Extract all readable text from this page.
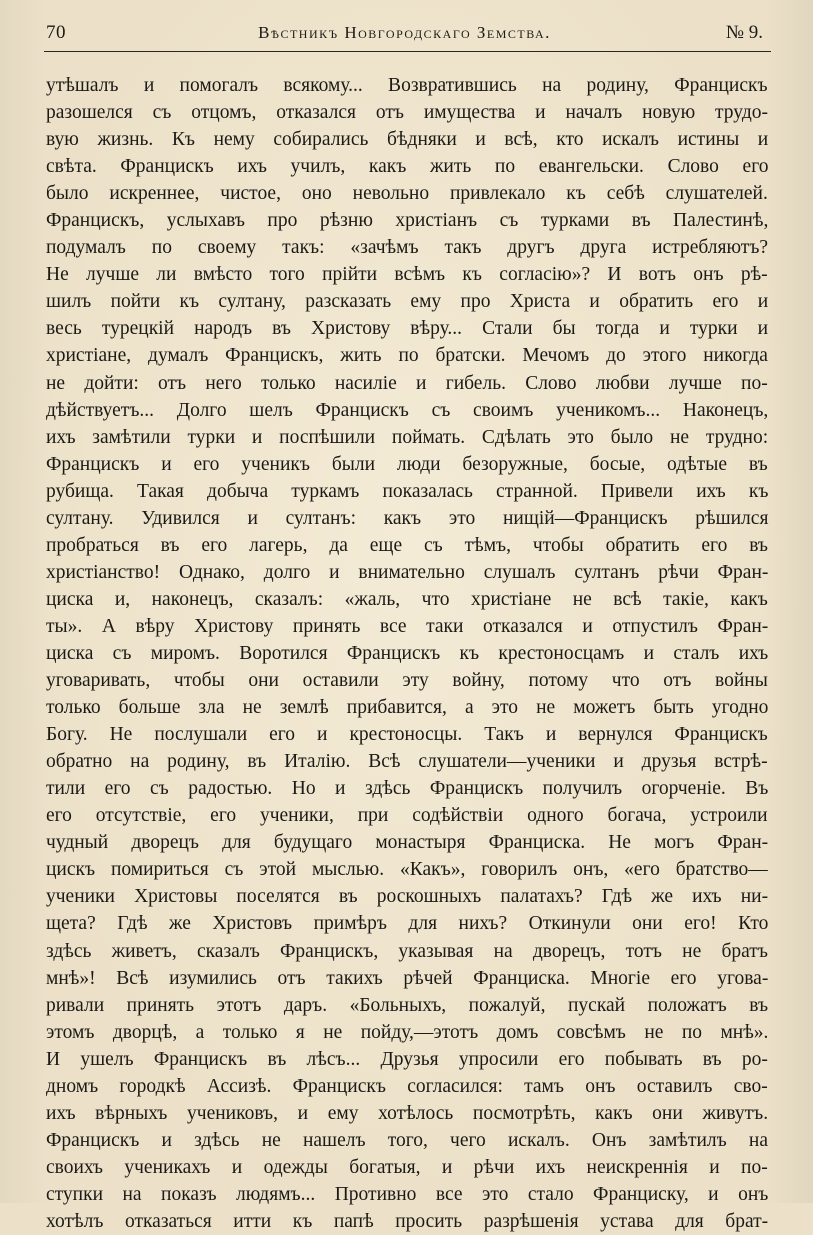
70	Вѣстникъ Новгородскаго Земства.	№ 9.
утѣшалъ и помогалъ всякому... Возвратившись на родину, Францискъ
разошелся съ отцомъ, отказался отъ имущества и началъ новую трудо-
вую жизнь. Къ нему собирались бѣдняки и всѣ, кто искалъ истины и
свѣта. Францискъ ихъ училъ, какъ жить по евангельски. Слово его
было искреннее, чистое, оно невольно привлекало къ себѣ слушателей.
Францискъ, услыхавъ про рѣзню христіанъ съ турками въ Палестинѣ,
подумалъ по своему такъ: «зачѣмъ такъ другъ друга истребляютъ?
Не лучше ли вмѣсто того прійти всѣмъ къ согласію»? И вотъ онъ рѣ-
шилъ пойти къ султану, разсказать ему про Христа и обратить его и
весь турецкій народъ въ Христову вѣру... Стали бы тогда и турки и
христіане, думалъ Францискъ, жить по братски. Мечомъ до этого никогда
не дойти: отъ него только насиліе и гибель. Слово любви лучше по-
дѣйствуетъ... Долго шелъ Францискъ съ своимъ ученикомъ... Наконецъ,
ихъ замѣтили турки и поспѣшили поймать. Сдѣлать это было не трудно:
Францискъ и его ученикъ были люди безоружные, босые, одѣтые въ
рубища. Такая добыча туркамъ показалась странной. Привели ихъ къ
султану. Удивился и султанъ: какъ это нищій—Францискъ рѣшился
пробраться въ его лагерь, да еще съ тѣмъ, чтобы обратить его въ
христіанство! Однако, долго и внимательно слушалъ султанъ рѣчи Фран-
циска и, наконецъ, сказалъ: «жаль, что христіане не всѣ такіе, какъ
ты». А вѣру Христову принять все таки отказался и отпустилъ Фран-
циска съ миромъ. Воротился Францискъ къ крестоносцамъ и сталъ ихъ
уговаривать, чтобы они оставили эту войну, потому что отъ войны
только больше зла не землѣ прибавится, а это не можетъ быть угодно
Богу. Не послушали его и крестоносцы. Такъ и вернулся Францискъ
обратно на родину, въ Италію. Всѣ слушатели—ученики и друзья встрѣ-
тили его съ радостью. Но и здѣсь Францискъ получилъ огорченіе. Въ
его отсутствіе, его ученики, при содѣйствіи одного богача, устроили
чудный дворецъ для будущаго монастыря Франциска. Не могъ Фран-
цискъ помириться съ этой мыслью. «Какъ», говорилъ онъ, «его братство—
ученики Христовы поселятся въ роскошныхъ палатахъ? Гдѣ же ихъ ни-
щета? Гдѣ же Христовъ примѣръ для нихъ? Откинули они его! Кто
здѣсь живетъ, сказалъ Францискъ, указывая на дворецъ, тотъ не братъ
мнѣ»! Всѣ изумились отъ такихъ рѣчей Франциска. Многіе его угова-
ривали принять этотъ даръ. «Больныхъ, пожалуй, пускай положатъ въ
этомъ дворцѣ, а только я не пойду,—этотъ домъ совсѣмъ не по мнѣ».
И ушелъ Францискъ въ лѣсъ... Друзья упросили его побывать въ ро-
дномъ городкѣ Ассизѣ. Францискъ согласился: тамъ онъ оставилъ сво-
ихъ вѣрныхъ учениковъ, и ему хотѣлось посмотрѣть, какъ они живутъ.
Францискъ и здѣсь не нашелъ того, чего искалъ. Онъ замѣтилъ на
своихъ ученикахъ и одежды богатыя, и рѣчи ихъ неискреннія и по-
ступки на показъ людямъ... Противно все это стало Франциску, и онъ
хотѣлъ отказаться итти къ папѣ просить разрѣшенія устава для брат-
